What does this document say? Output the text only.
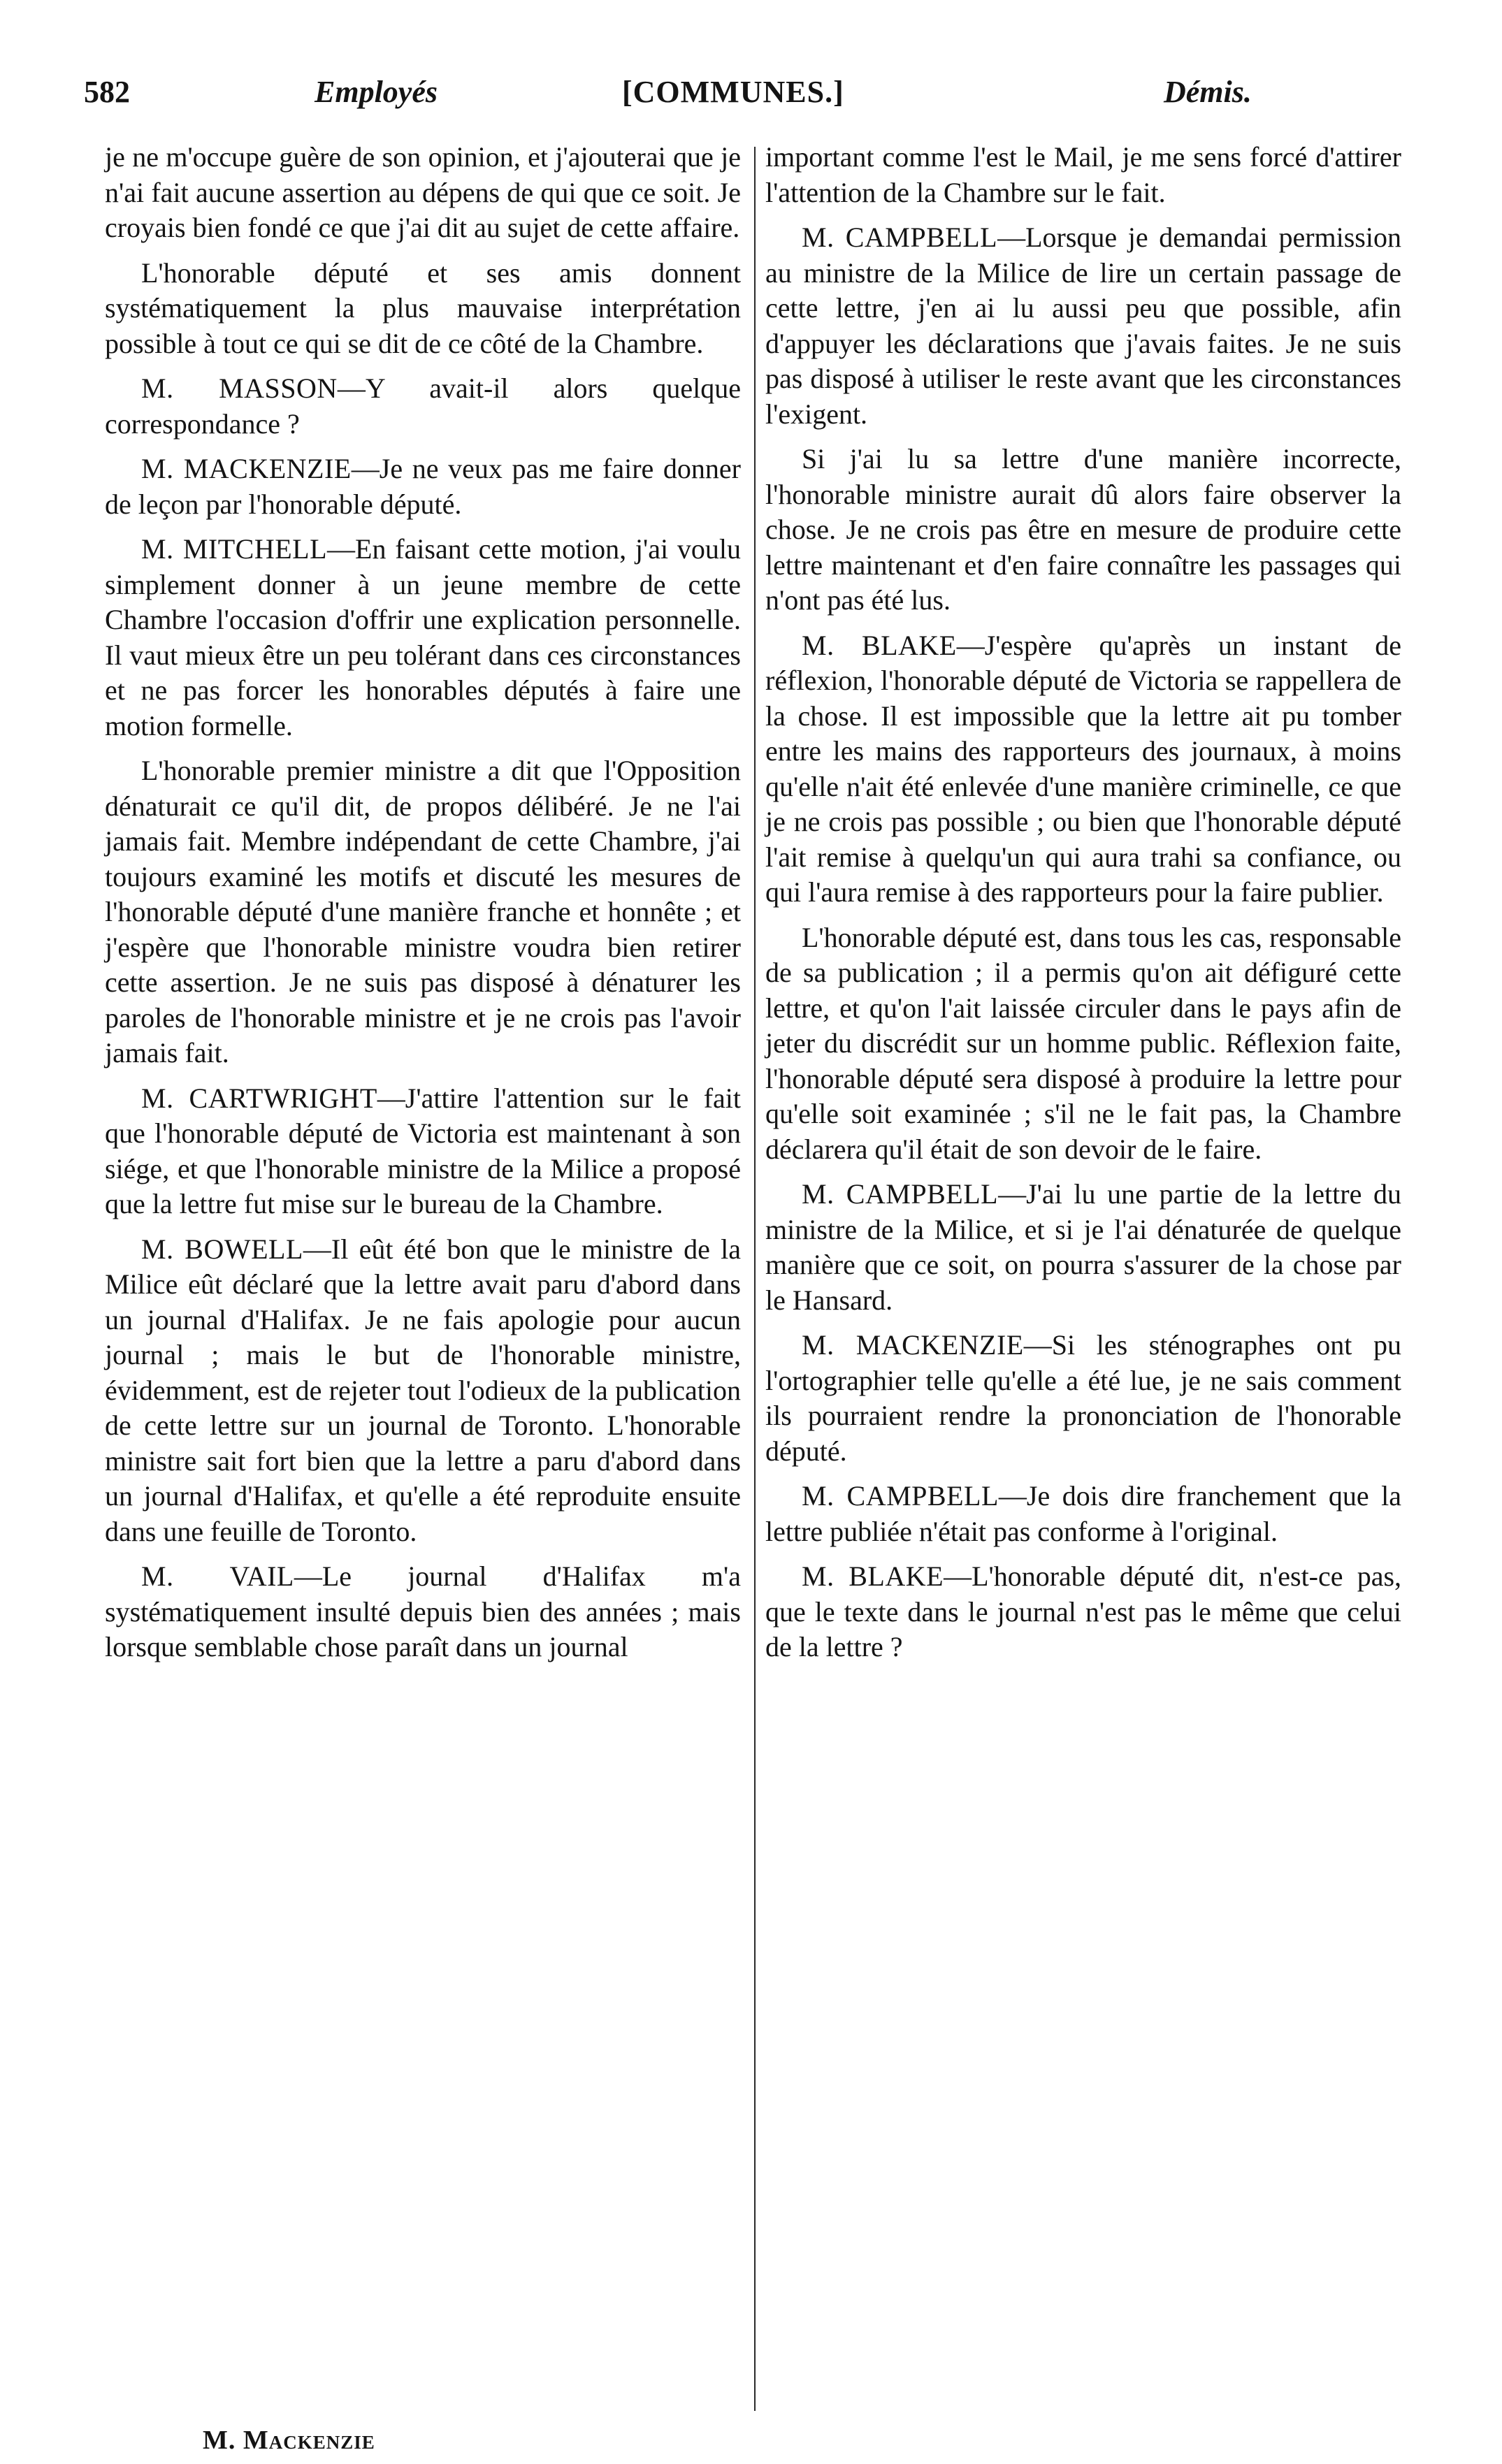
582	Employés	[COMMUNES.]	Démis.

je ne m'occupe guère de son opinion, et j'ajouterai que je n'ai fait aucune assertion au dépens de qui que ce soit. Je croyais bien fondé ce que j'ai dit au sujet de cette affaire.

L'honorable député et ses amis donnent systématiquement la plus mauvaise interprétation possible à tout ce qui se dit de ce côté de la Chambre.

M. MASSON—Y avait-il alors quelque correspondance ?

M. MACKENZIE—Je ne veux pas me faire donner de leçon par l'honorable député.

M. MITCHELL—En faisant cette motion, j'ai voulu simplement donner à un jeune membre de cette Chambre l'occasion d'offrir une explication personnelle. Il vaut mieux être un peu tolérant dans ces circonstances et ne pas forcer les honorables députés à faire une motion formelle.

L'honorable premier ministre a dit que l'Opposition dénaturait ce qu'il dit, de propos délibéré. Je ne l'ai jamais fait. Membre indépendant de cette Chambre, j'ai toujours examiné les motifs et discuté les mesures de l'honorable député d'une manière franche et honnête ; et j'espère que l'honorable ministre voudra bien retirer cette assertion. Je ne suis pas disposé à dénaturer les paroles de l'honorable ministre et je ne crois pas l'avoir jamais fait.

M. CARTWRIGHT—J'attire l'attention sur le fait que l'honorable député de Victoria est maintenant à son siége, et que l'honorable ministre de la Milice a proposé que la lettre fut mise sur le bureau de la Chambre.

M. BOWELL—Il eût été bon que le ministre de la Milice eût déclaré que la lettre avait paru d'abord dans un journal d'Halifax. Je ne fais apologie pour aucun journal ; mais le but de l'honorable ministre, évidemment, est de rejeter tout l'odieux de la publication de cette lettre sur un journal de Toronto. L'honorable ministre sait fort bien que la lettre a paru d'abord dans un journal d'Halifax, et qu'elle a été reproduite ensuite dans une feuille de Toronto.

M. VAIL—Le journal d'Halifax m'a systématiquement insulté depuis bien des années ; mais lorsque semblable chose paraît dans un journal

important comme l'est le Mail, je me sens forcé d'attirer l'attention de la Chambre sur le fait.

M. CAMPBELL—Lorsque je demandai permission au ministre de la Milice de lire un certain passage de cette lettre, j'en ai lu aussi peu que possible, afin d'appuyer les déclarations que j'avais faites. Je ne suis pas disposé à utiliser le reste avant que les circonstances l'exigent.

Si j'ai lu sa lettre d'une manière incorrecte, l'honorable ministre aurait dû alors faire observer la chose. Je ne crois pas être en mesure de produire cette lettre maintenant et d'en faire connaître les passages qui n'ont pas été lus.

M. BLAKE—J'espère qu'après un instant de réflexion, l'honorable député de Victoria se rappellera de la chose. Il est impossible que la lettre ait pu tomber entre les mains des rapporteurs des journaux, à moins qu'elle n'ait été enlevée d'une manière criminelle, ce que je ne crois pas possible ; ou bien que l'honorable député l'ait remise à quelqu'un qui aura trahi sa confiance, ou qui l'aura remise à des rapporteurs pour la faire publier.

L'honorable député est, dans tous les cas, responsable de sa publication ; il a permis qu'on ait défiguré cette lettre, et qu'on l'ait laissée circuler dans le pays afin de jeter du discrédit sur un homme public. Réflexion faite, l'honorable député sera disposé à produire la lettre pour qu'elle soit examinée ; s'il ne le fait pas, la Chambre déclarera qu'il était de son devoir de le faire.

M. CAMPBELL—J'ai lu une partie de la lettre du ministre de la Milice, et si je l'ai dénaturée de quelque manière que ce soit, on pourra s'assurer de la chose par le Hansard.

M. MACKENZIE—Si les sténographes ont pu l'ortographier telle qu'elle a été lue, je ne sais comment ils pourraient rendre la prononciation de l'honorable député.

M. CAMPBELL—Je dois dire franchement que la lettre publiée n'était pas conforme à l'original.

M. BLAKE—L'honorable député dit, n'est-ce pas, que le texte dans le journal n'est pas le même que celui de la lettre ?

M. Mackenzie
